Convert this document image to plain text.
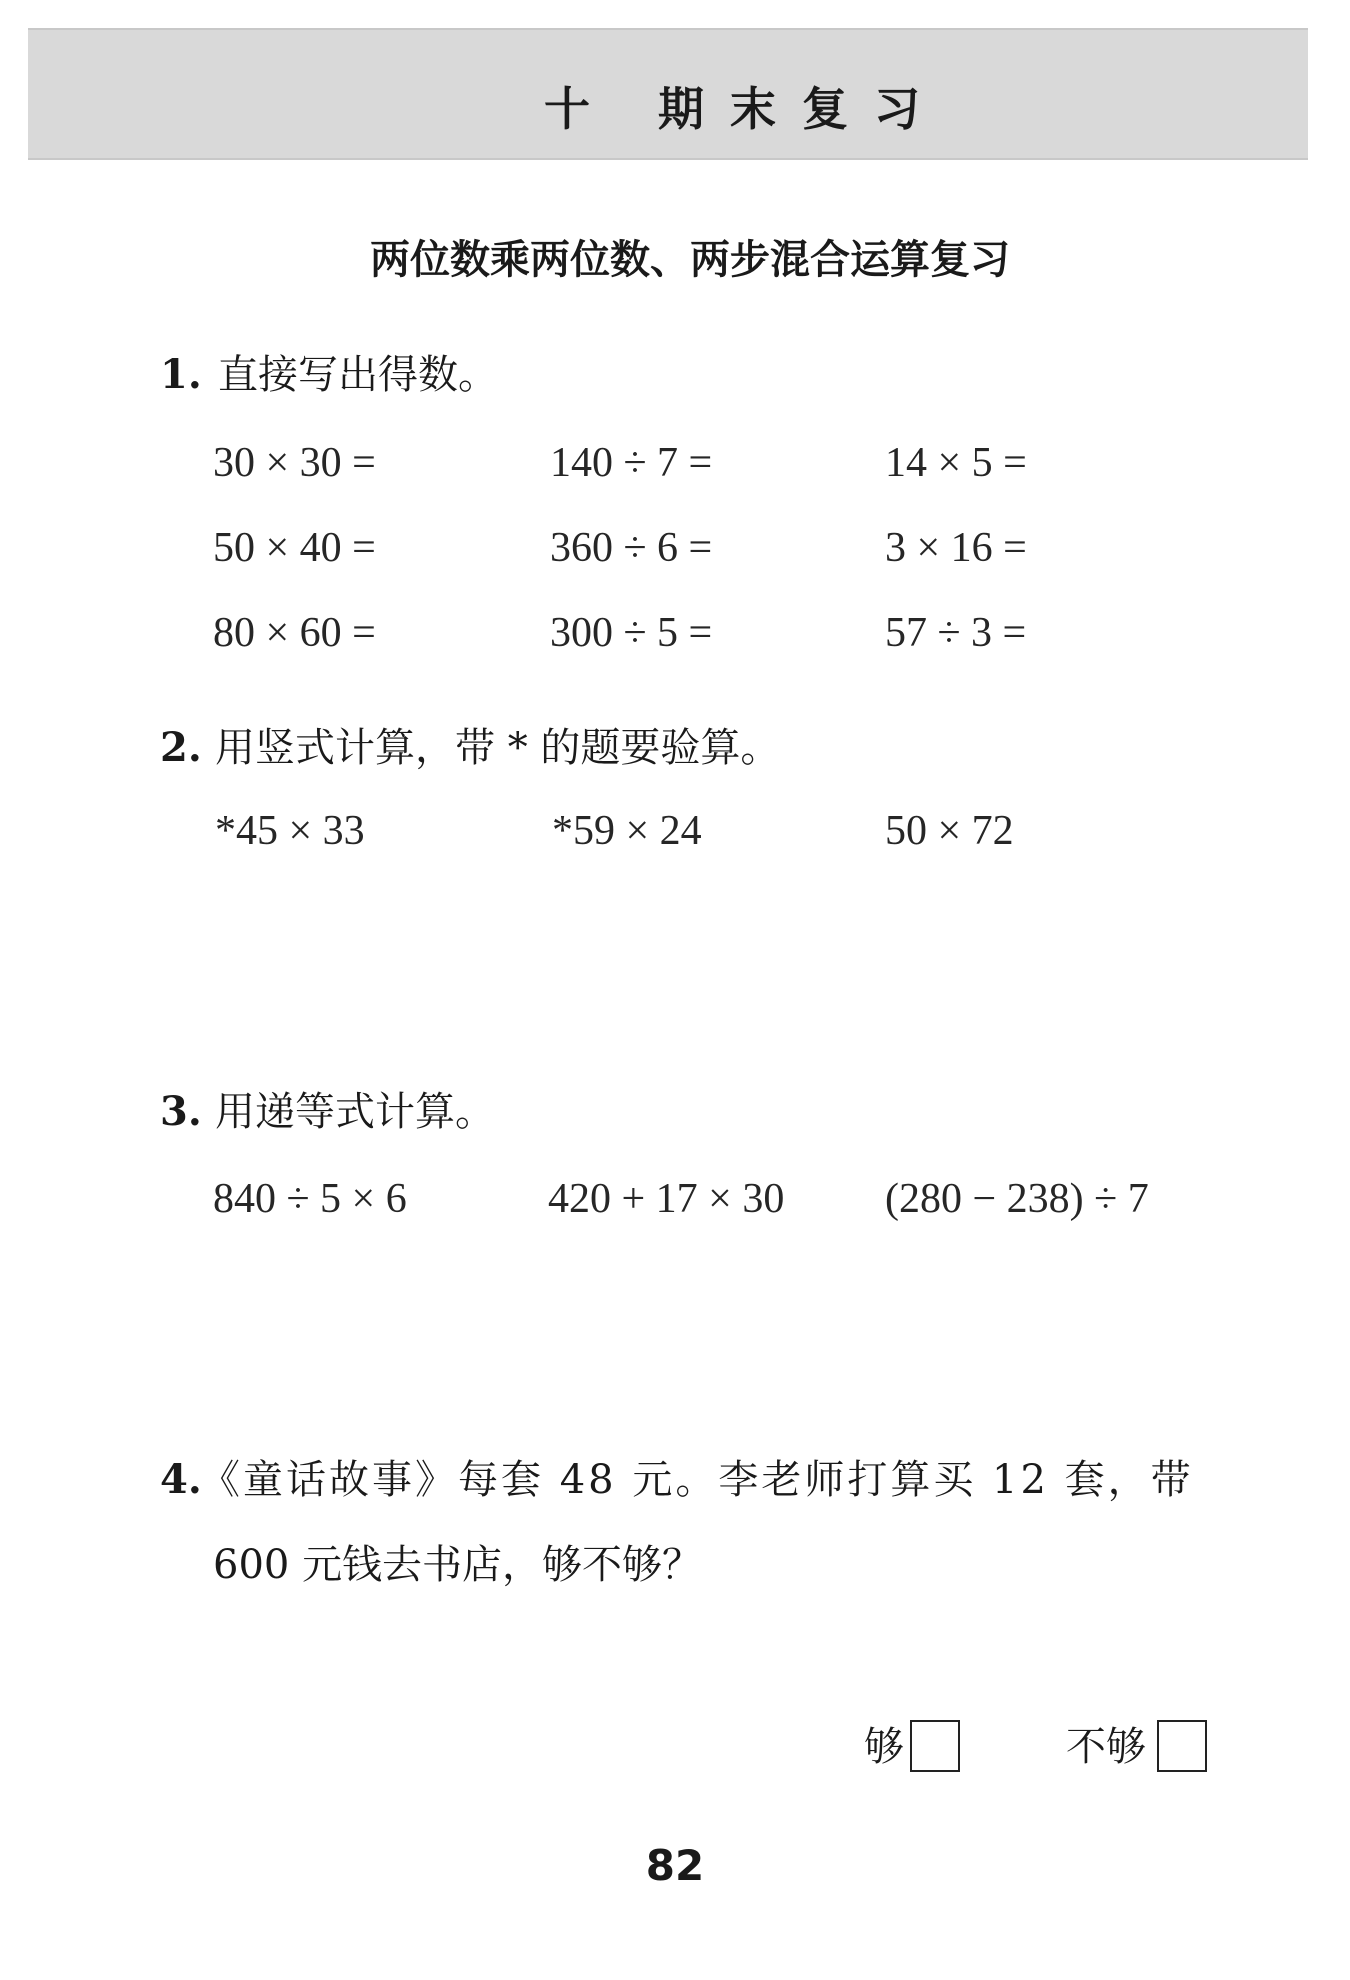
十 期末复习
两位数乘两位数、两步混合运算复习
1. 直接写出得数。
30 × 30 =	140 ÷ 7 =	14 × 5 =
50 × 40 =	360 ÷ 6 =	3 × 16 =
80 × 60 =	300 ÷ 5 =	57 ÷ 3 =
2. 用竖式计算，带 * 的题要验算。
*45 × 33	*59 × 24	50 × 72
3. 用递等式计算。
840 ÷ 5 × 6	420 + 17 × 30 (280 − 238) ÷ 7
4.
《童话故事》每套 48 元。李老师打算买 12 套，带
600 元钱去书店，够不够？
够	不够
82
